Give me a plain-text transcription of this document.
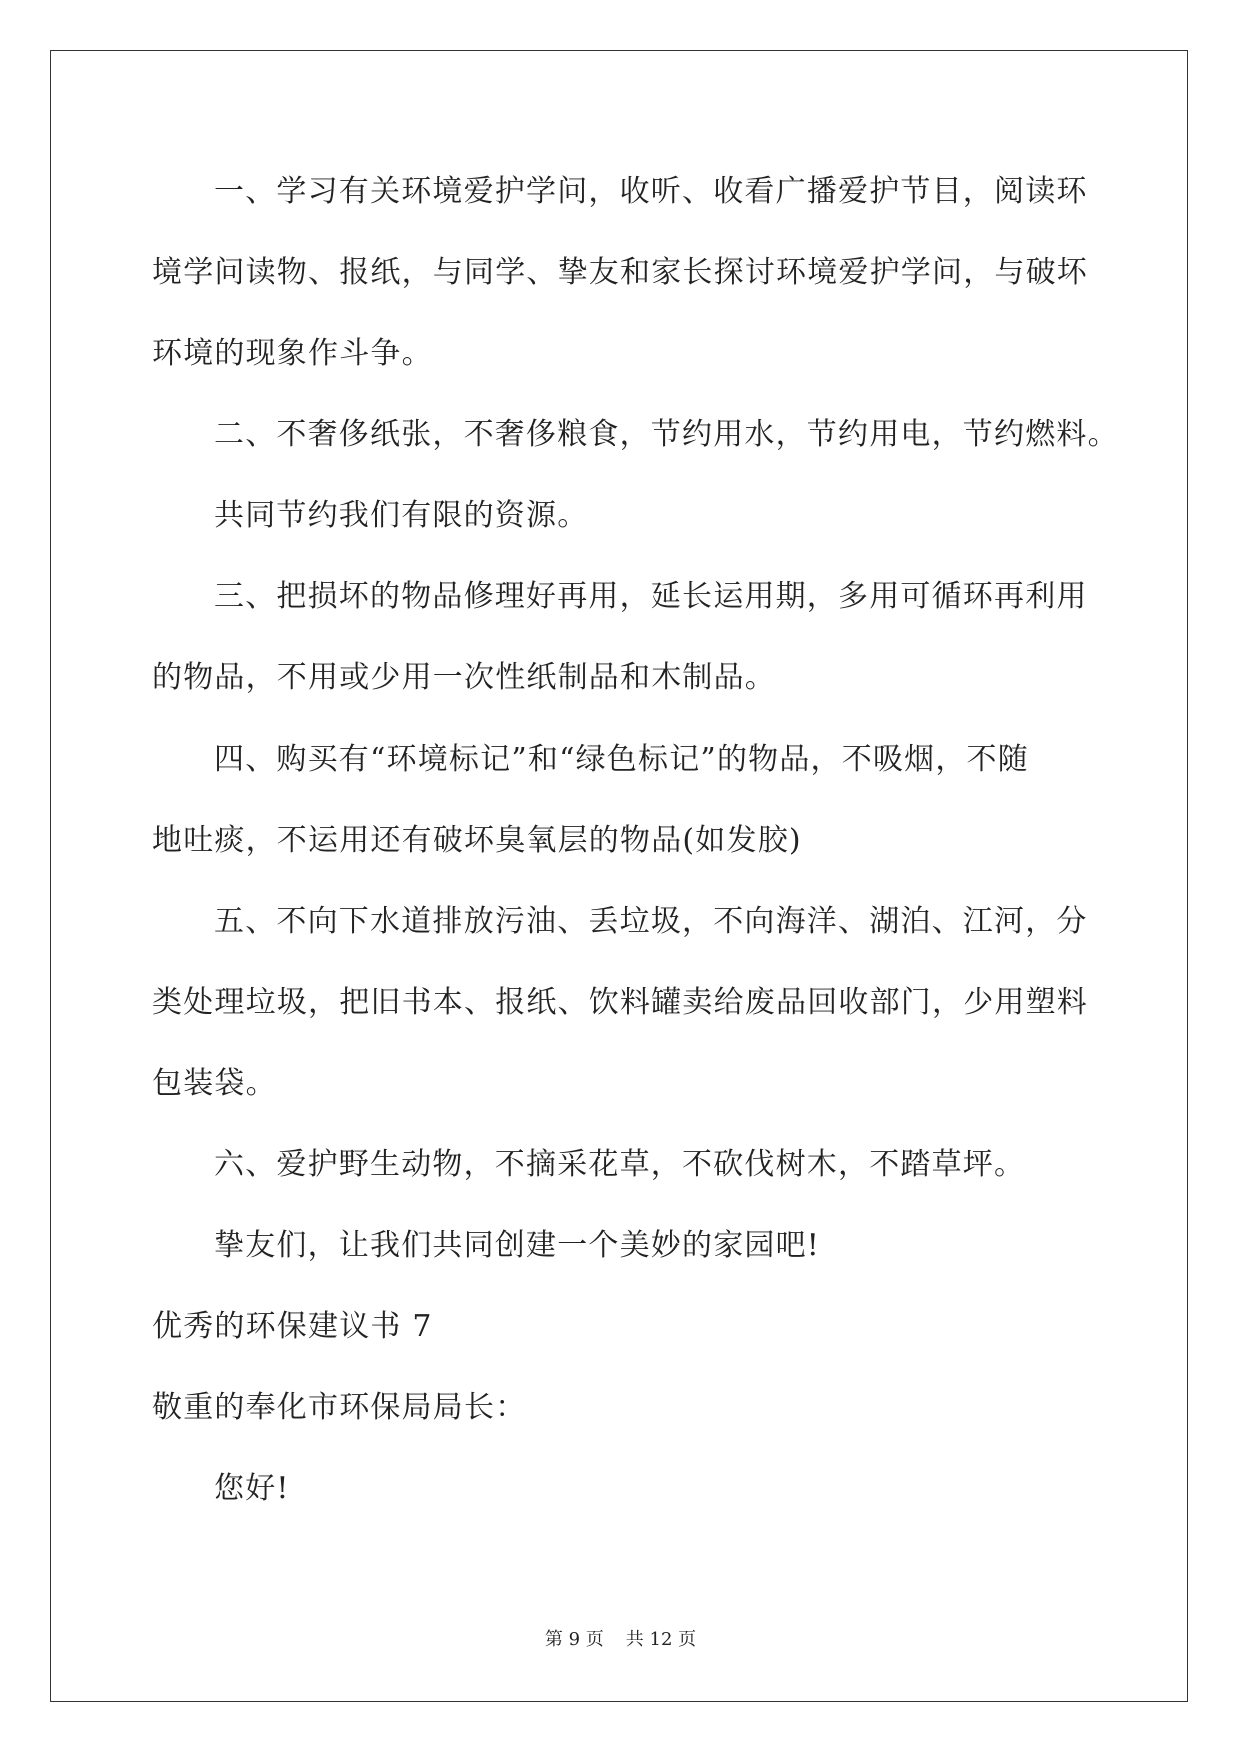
一、学习有关环境爱护学问，收听、收看广播爱护节目，阅读环
境学问读物、报纸，与同学、挚友和家长探讨环境爱护学问，与破坏
环境的现象作斗争。
二、不奢侈纸张，不奢侈粮食，节约用水，节约用电，节约燃料。
共同节约我们有限的资源。
三、把损坏的物品修理好再用，延长运用期，多用可循环再利用
的物品，不用或少用一次性纸制品和木制品。
四、购买有“环境标记”和“绿色标记”的物品，不吸烟，不随
地吐痰，不运用还有破坏臭氧层的物品(如发胶)
五、不向下水道排放污油、丢垃圾，不向海洋、湖泊、江河，分
类处理垃圾，把旧书本、报纸、饮料罐卖给废品回收部门，少用塑料
包装袋。
六、爱护野生动物，不摘采花草，不砍伐树木，不踏草坪。
挚友们，让我们共同创建一个美妙的家园吧!
优秀的环保建议书 7
敬重的奉化市环保局局长：
您好!
第 9 页 共 12 页
